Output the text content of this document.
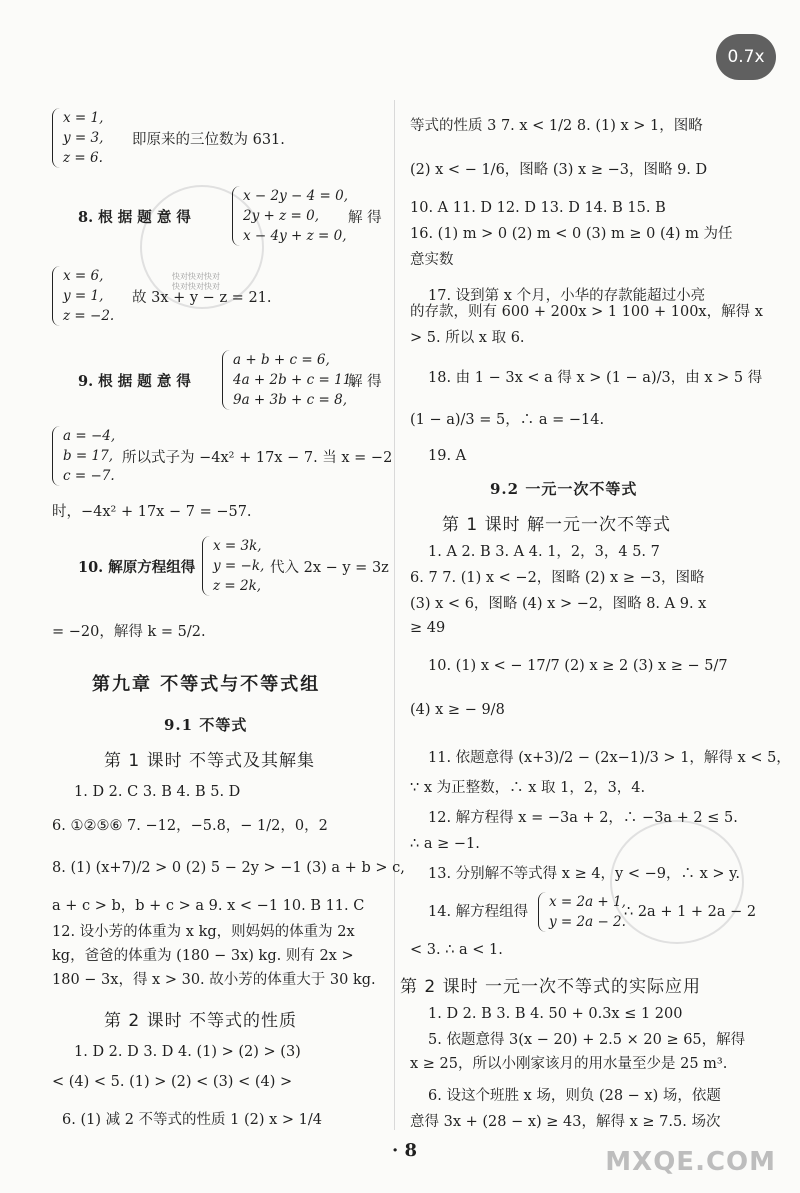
0.7x
快对快对快对
快对快对快对
x = 1,
y = 3,
z = 6.
即原来的三位数为 631.
8. 根 据 题 意 得
x − 2y − 4 = 0,
2y + z = 0,
x − 4y + z = 0,
解 得
x = 6,
y = 1,
z = −2.
故 3x + y − z = 21.
9. 根 据 题 意 得
a + b + c = 6,
4a + 2b + c = 11,
9a + 3b + c = 8,
解 得
a = −4,
b = 17,
c = −7.
所以式子为 −4x² + 17x − 7. 当 x = −2
时，−4x² + 17x − 7 = −57.
10. 解原方程组得
x = 3k,
y = −k,
z = 2k,
代入 2x − y = 3z
= −20，解得 k = 5/2.
第九章 不等式与不等式组
9.1 不等式
第 1 课时 不等式及其解集
1. D 2. C 3. B 4. B 5. D
6. ①②⑤⑥ 7. −12，−5.8，− 1/2，0，2
8. (1) (x+7)/2 > 0 (2) 5 − 2y > −1 (3) a + b > c,
a + c > b，b + c > a 9. x < −1 10. B 11. C
12. 设小芳的体重为 x kg，则妈妈的体重为 2x
kg，爸爸的体重为 (180 − 3x) kg. 则有 2x >
180 − 3x，得 x > 30. 故小芳的体重大于 30 kg.
第 2 课时 不等式的性质
1. D 2. D 3. D 4. (1) > (2) > (3)
< (4) < 5. (1) > (2) < (3) < (4) >
6. (1) 减 2 不等式的性质 1 (2) x > 1/4
等式的性质 3 7. x < 1/2 8. (1) x > 1，图略
(2) x < − 1/6，图略 (3) x ≥ −3，图略 9. D
10. A 11. D 12. D 13. D 14. B 15. B
16. (1) m > 0 (2) m < 0 (3) m ≥ 0 (4) m 为任
意实数
17. 设到第 x 个月，小华的存款能超过小亮
的存款，则有 600 + 200x > 1 100 + 100x，解得 x
> 5. 所以 x 取 6.
18. 由 1 − 3x < a 得 x > (1 − a)/3，由 x > 5 得
(1 − a)/3 = 5，∴ a = −14.
19. A
9.2 一元一次不等式
第 1 课时 解一元一次不等式
1. A 2. B 3. A 4. 1，2，3，4 5. 7
6. 7 7. (1) x < −2，图略 (2) x ≥ −3，图略
(3) x < 6，图略 (4) x > −2，图略 8. A 9. x
≥ 49
10. (1) x < − 17/7 (2) x ≥ 2 (3) x ≥ − 5/7
(4) x ≥ − 9/8
11. 依题意得 (x+3)/2 − (2x−1)/3 > 1，解得 x < 5，
∵ x 为正整数，∴ x 取 1，2，3，4.
12. 解方程得 x = −3a + 2，∴ −3a + 2 ≤ 5.
∴ a ≥ −1.
13. 分别解不等式得 x ≥ 4，y < −9，∴ x > y.
14. 解方程组得
x = 2a + 1,
y = 2a − 2.
∴ 2a + 1 + 2a − 2
< 3. ∴ a < 1.
第 2 课时 一元一次不等式的实际应用
1. D 2. B 3. B 4. 50 + 0.3x ≤ 1 200
5. 依题意得 3(x − 20) + 2.5 × 20 ≥ 65，解得
x ≥ 25，所以小刚家该月的用水量至少是 25 m³.
6. 设这个班胜 x 场，则负 (28 − x) 场，依题
意得 3x + (28 − x) ≥ 43，解得 x ≥ 7.5. 场次
· 8	MXQE.COM
